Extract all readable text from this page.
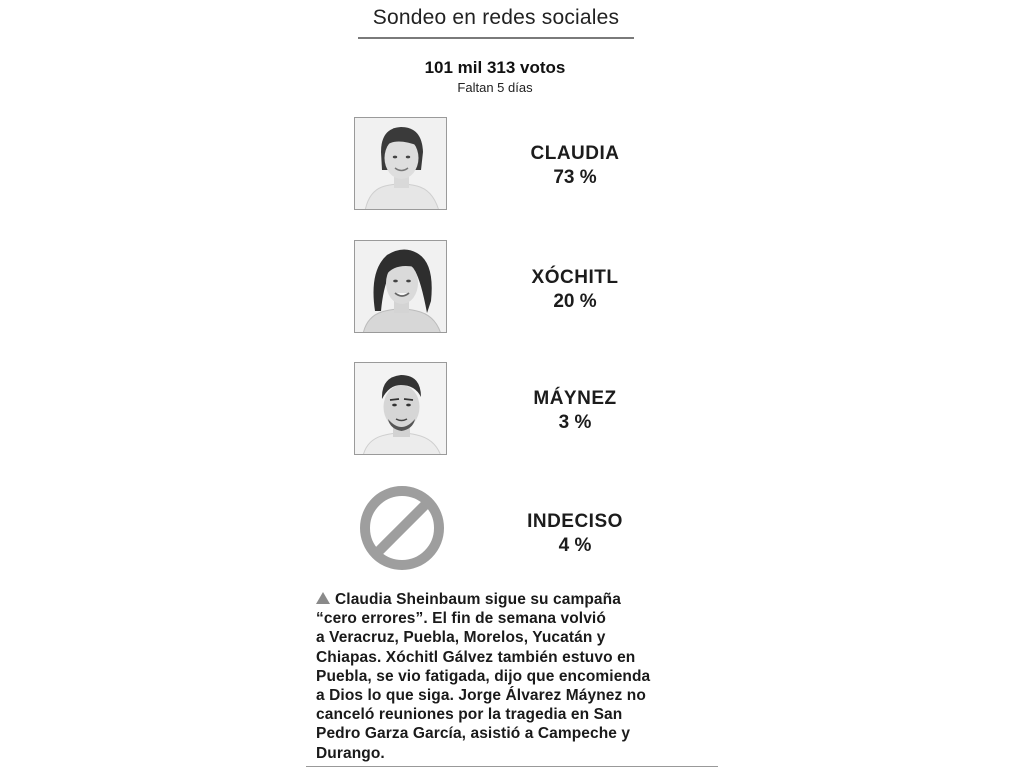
Sondeo en redes sociales
101 mil 313 votos
Faltan 5 días
CLAUDIA
73 %
XÓCHITL
20 %
MÁYNEZ
3 %
INDECISO
4 %
Claudia Sheinbaum sigue su campaña
“cero errores”. El fin de semana volvió
a Veracruz, Puebla, Morelos, Yucatán y
Chiapas. Xóchitl Gálvez también estuvo en
Puebla, se vio fatigada, dijo que encomienda
a Dios lo que siga. Jorge Álvarez Máynez no
canceló reuniones por la tragedia en San
Pedro Garza García, asistió a Campeche y
Durango.
